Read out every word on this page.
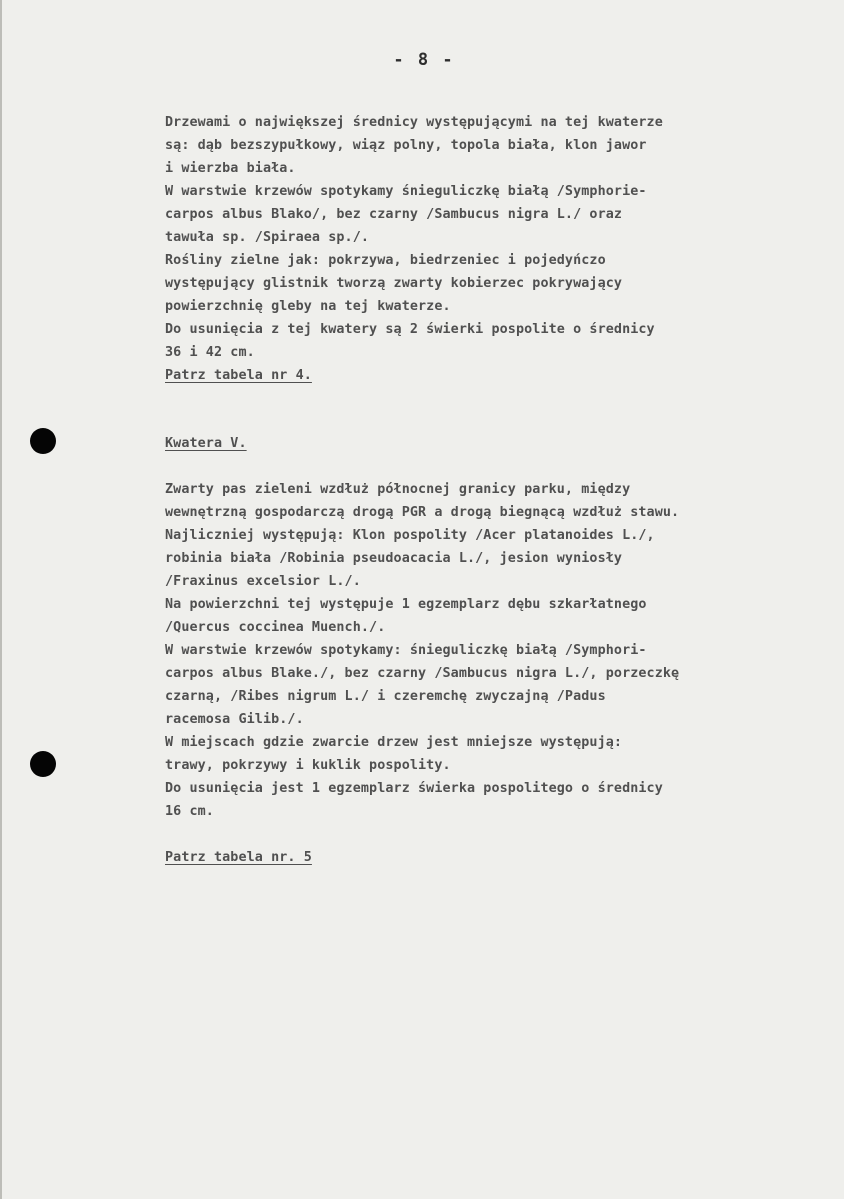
- 8 -
Drzewami o największej średnicy występującymi na tej kwaterze
są: dąb bezszypułkowy, wiąz polny, topola biała, klon jawor
i wierzba biała.
W warstwie krzewów spotykamy śnieguliczkę białą /Symphorie-
carpos albus Blako/, bez czarny /Sambucus nigra L./ oraz
tawuła sp. /Spiraea sp./.
Rośliny zielne jak: pokrzywa, biedrzeniec i pojedyńczo
występujący glistnik tworzą zwarty kobierzec pokrywający
powierzchnię gleby na tej kwaterze.
Do usunięcia z tej kwatery są 2 świerki pospolite o średnicy
36 i 42 cm.
Patrz tabela nr 4.
Kwatera V.
Zwarty pas zieleni wzdłuż północnej granicy parku, między
wewnętrzną gospodarczą drogą PGR a drogą biegnącą wzdłuż stawu.
Najliczniej występują: Klon pospolity /Acer platanoides L./,
robinia biała /Robinia pseudoacacia L./, jesion wyniosły
/Fraxinus excelsior L./.
Na powierzchni tej występuje 1 egzemplarz dębu szkarłatnego
/Quercus coccinea Muench./.
W warstwie krzewów spotykamy: śnieguliczkę białą /Symphori-
carpos albus Blake./, bez czarny /Sambucus nigra L./, porzeczkę
czarną, /Ribes nigrum L./ i czeremchę zwyczajną /Padus
racemosa Gilib./.
W miejscach gdzie zwarcie drzew jest mniejsze występują:
trawy, pokrzywy i kuklik pospolity.
Do usunięcia jest 1 egzemplarz świerka pospolitego o średnicy
16 cm.
Patrz tabela nr. 5
